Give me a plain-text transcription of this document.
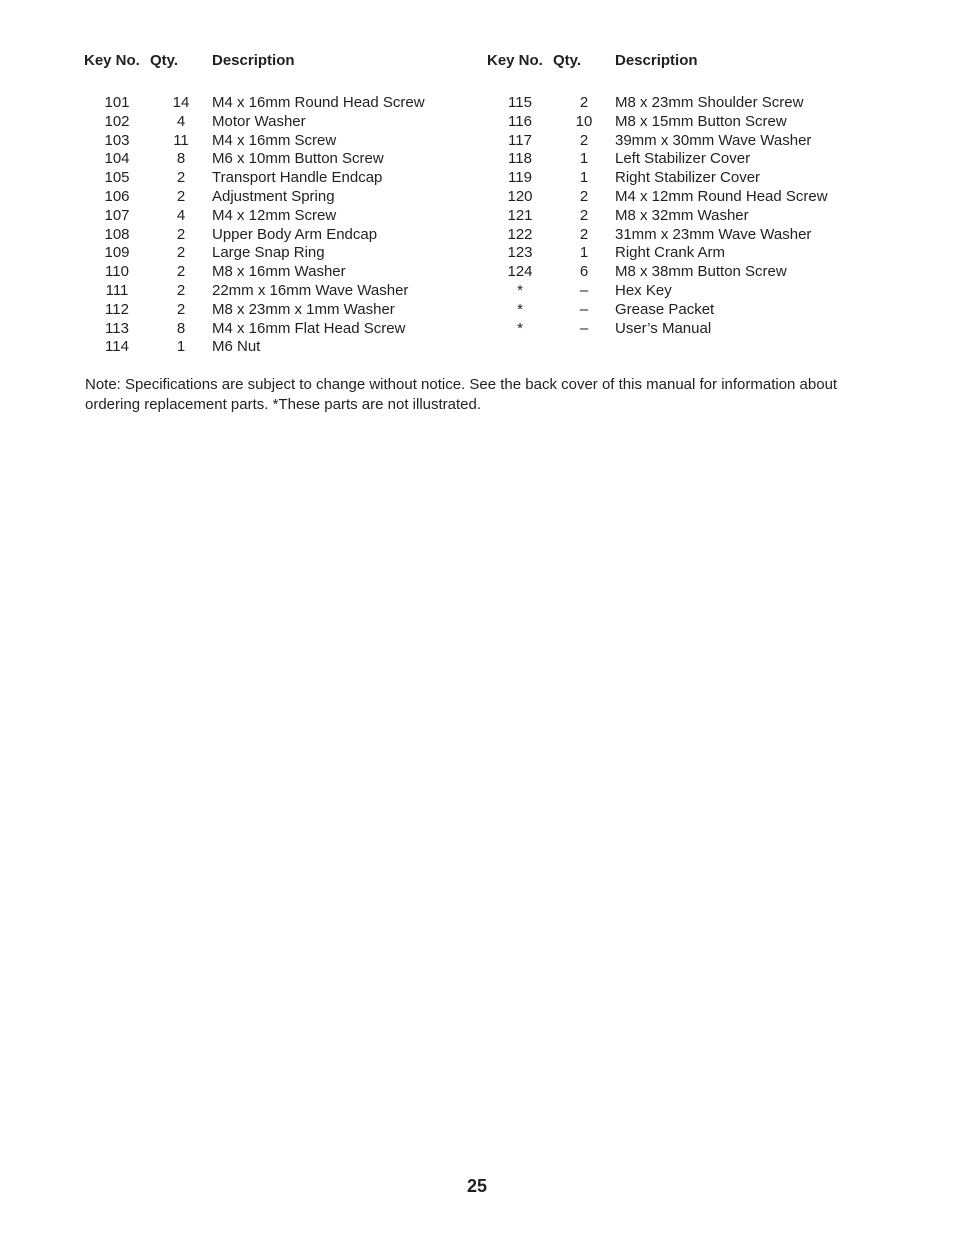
Key No.	Qty.	Description
101	14	M4 x 16mm Round Head Screw
102	4	Motor Washer
103	11	M4 x 16mm Screw
104	8	M6 x 10mm Button Screw
105	2	Transport Handle Endcap
106	2	Adjustment Spring
107	4	M4 x 12mm Screw
108	2	Upper Body Arm Endcap
109	2	Large Snap Ring
110	2	M8 x 16mm Washer
111	2	22mm x 16mm Wave Washer
112	2	M8 x 23mm x 1mm Washer
113	8	M4 x 16mm Flat Head Screw
114	1	M6 Nut
Key No.	Qty.	Description
115	2	M8 x 23mm Shoulder Screw
116	10	M8 x 15mm Button Screw
117	2	39mm x 30mm Wave Washer
118	1	Left Stabilizer Cover
119	1	Right Stabilizer Cover
120	2	M4 x 12mm Round Head Screw
121	2	M8 x 32mm Washer
122	2	31mm x 23mm Wave Washer
123	1	Right Crank Arm
124	6	M8 x 38mm Button Screw
*	–	Hex Key
*	–	Grease Packet
*	–	User’s Manual

Note: Specifications are subject to change without notice. See the back cover of this manual for information about ordering replacement parts. *These parts are not illustrated.

25
